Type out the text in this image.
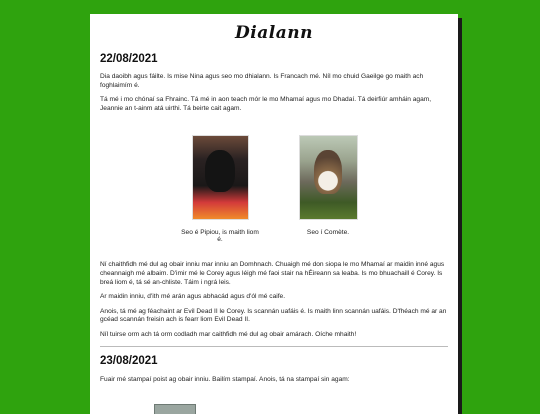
Dialann
22/08/2021

Dia daoibh agus fáilte. Is mise Nina agus seo mo dhialann. Is Francach mé. Níl mo chuid Gaeilge go maith ach foghlaimím é.

Tá mé i mo chónaí sa Fhrainc. Tá mé in aon teach mór le mo Mhamaí agus mo Dhadaí. Tá deirfiúr amháin agam, Jeannie an t-ainm atá uirthi. Tá beirte cait agam.

Seo é Pipiou, is maith liom é.
Seo í Comète.

Ní chaithfidh mé dul ag obair inniu mar inniu an Domhnach. Chuaigh mé don siopa le mo Mhamaí ar maidin inné agus cheannaigh mé albaim. D'imir mé le Corey agus léigh mé faoi stair na hÉireann sa leaba. Is mo bhuachaill é Corey. Is breá liom é, tá sé an-chliste. Táim i ngrá leis.

Ar maidin inniu, d'ith mé arán agus abhacád agus d'ól mé caife.

Anois, tá mé ag féachaint ar Evil Dead II le Corey. Is scannán uafáis é. Is maith linn scannán uafáis. D'fhéach mé ar an gcéad scannán freisin ach is fearr liom Evil Dead II.

Níl tuirse orm ach tá orm codladh mar caithfidh mé dul ag obair amárach. Oíche mhaith!

23/08/2021

Fuair mé stampaí poist ag obair inniu. Bailím stampaí. Anois, tá na stampaí sin agam:
